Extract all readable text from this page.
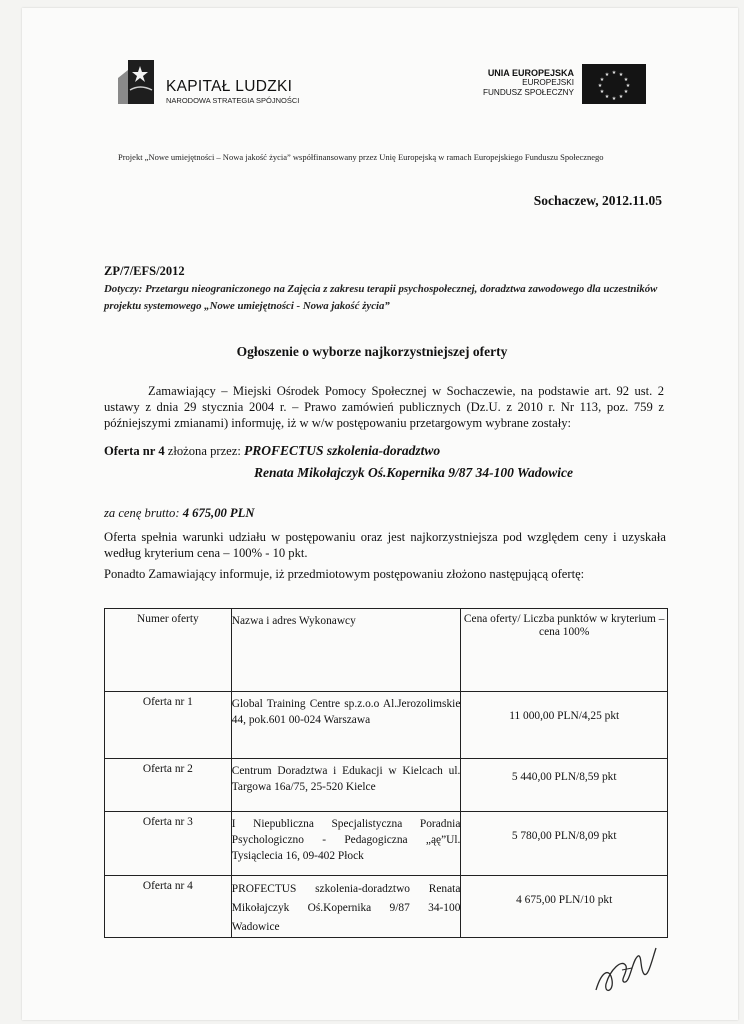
KAPITAŁ LUDZKI
NARODOWA STRATEGIA SPÓJNOŚCI
UNIA EUROPEJSKA
EUROPEJSKI
FUNDUSZ SPOŁECZNY
★ ★
★
★
★
★
★
★
★
★
★
★
Projekt „Nowe umiejętności – Nowa jakość życia” współfinansowany przez Unię Europejską w ramach Europejskiego Funduszu Społecznego
Sochaczew, 2012.11.05
ZP/7/EFS/2012
Dotyczy: Przetargu nieograniczonego na Zajęcia z zakresu terapii psychospołecznej, doradztwa zawodowego dla uczestników projektu systemowego „Nowe umiejętności - Nowa jakość życia”
Ogłoszenie o wyborze najkorzystniejszej oferty
Zamawiający – Miejski Ośrodek Pomocy Społecznej w Sochaczewie, na podstawie art. 92 ust. 2 ustawy z dnia 29 stycznia 2004 r. – Prawo zamówień publicznych (Dz.U. z 2010 r. Nr 113, poz. 759 z późniejszymi zmianami) informuję, iż w w/w postępowaniu przetargowym wybrane zostały:
Oferta nr 4 złożona przez: PROFECTUS szkolenia-doradztwo
Renata Mikołajczyk Oś.Kopernika 9/87 34-100 Wadowice
za cenę brutto: 4 675,00 PLN
Oferta spełnia warunki udziału w postępowaniu oraz jest najkorzystniejsza pod względem ceny i uzyskała według kryterium cena – 100% - 10 pkt.
Ponadto Zamawiający informuje, iż przedmiotowym postępowaniu złożono następującą ofertę:
Numer oferty	Nazwa i adres Wykonawcy	Cena oferty/ Liczba punktów w kryterium – cena 100%

Oferta nr 1	Global Training Centre sp.z.o.o Al.Jerozolimskie 44, pok.601 00-024 Warszawa	11 000,00 PLN/4,25 pkt

Oferta nr 2	Centrum Doradztwa i Edukacji w Kielcach ul. Targowa 16a/75, 25-520 Kielce	5 440,00 PLN/8,59 pkt

Oferta nr 3	I Niepubliczna Specjalistyczna Poradnia Psychologiczno - Pedagogiczna „ąę”Ul. Tysiąclecia 16, 09-402 Płock	5 780,00 PLN/8,09 pkt

Oferta nr 4	PROFECTUS szkolenia-doradztwo Renata Mikołajczyk Oś.Kopernika 9/87 34-100 Wadowice	4 675,00 PLN/10 pkt
